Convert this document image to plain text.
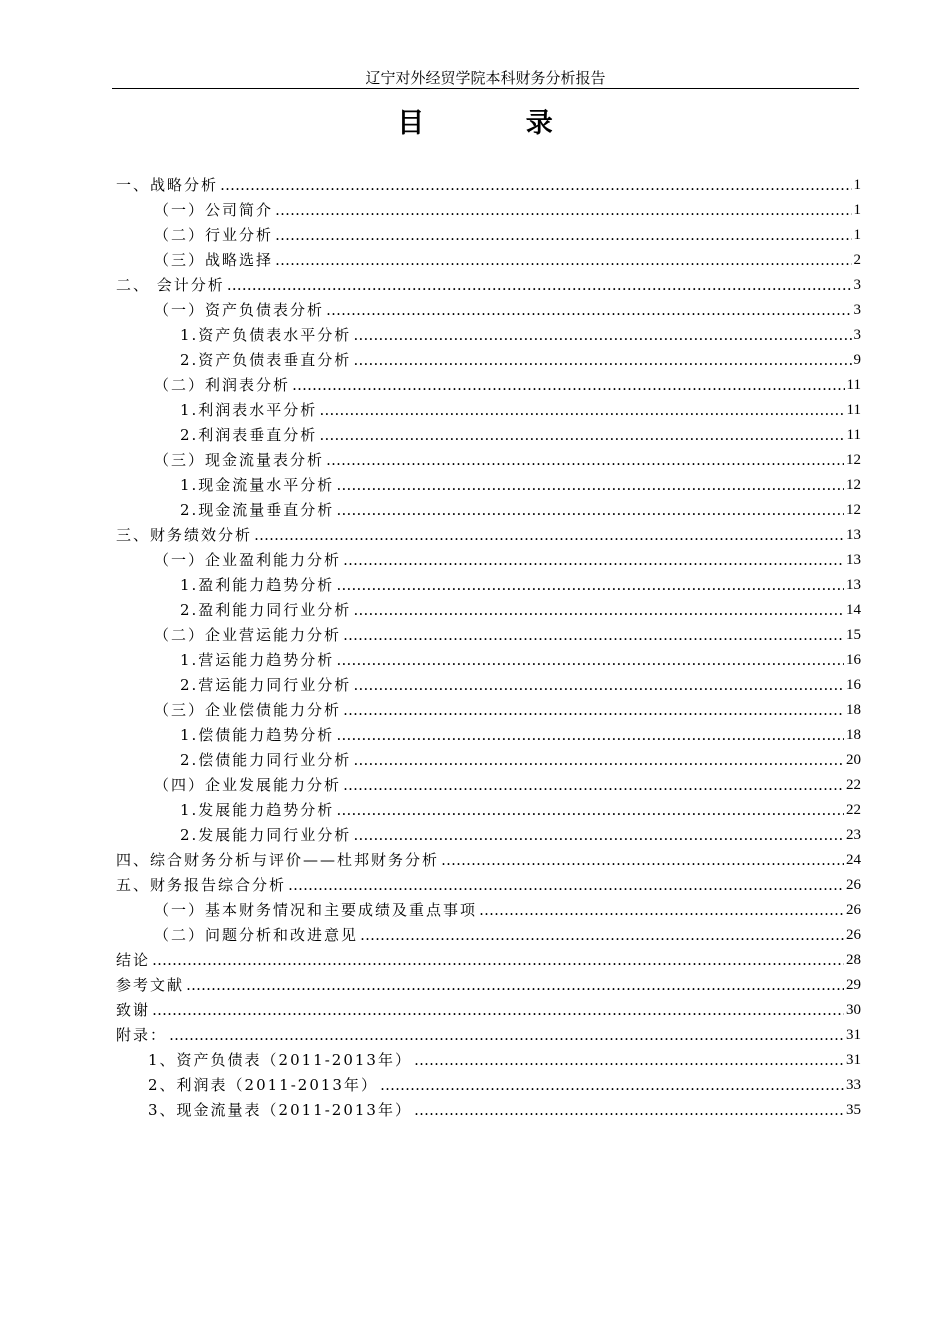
辽宁对外经贸学院本科财务分析报告
目 录
一、战略分析 ………………………………………………………………………………………………………………………………………………………………………………………………………………	1
（一）公司简介 ………………………………………………………………………………………………………………………………………………………………………………………………………………	1
（二）行业分析 ………………………………………………………………………………………………………………………………………………………………………………………………………………	1
（三）战略选择 ………………………………………………………………………………………………………………………………………………………………………………………………………………	2
二、 会计分析 ………………………………………………………………………………………………………………………………………………………………………………………………………………	3
（一）资产负债表分析 ………………………………………………………………………………………………………………………………………………………………………………………………………………	3
1.资产负债表水平分析 ………………………………………………………………………………………………………………………………………………………………………………………………………………	3
2.资产负债表垂直分析 ………………………………………………………………………………………………………………………………………………………………………………………………………………	9
（二）利润表分析 ………………………………………………………………………………………………………………………………………………………………………………………………………………	11
1.利润表水平分析 ………………………………………………………………………………………………………………………………………………………………………………………………………………	11
2.利润表垂直分析 ………………………………………………………………………………………………………………………………………………………………………………………………………………	11
（三）现金流量表分析 ………………………………………………………………………………………………………………………………………………………………………………………………………………	12
1.现金流量水平分析 ………………………………………………………………………………………………………………………………………………………………………………………………………………	12
2.现金流量垂直分析 ………………………………………………………………………………………………………………………………………………………………………………………………………………	12
三、财务绩效分析 ………………………………………………………………………………………………………………………………………………………………………………………………………………	13
（一）企业盈利能力分析 ………………………………………………………………………………………………………………………………………………………………………………………………………………	13
1.盈利能力趋势分析 ………………………………………………………………………………………………………………………………………………………………………………………………………………	13
2.盈利能力同行业分析 ………………………………………………………………………………………………………………………………………………………………………………………………………………	14
（二）企业营运能力分析 ………………………………………………………………………………………………………………………………………………………………………………………………………………	15
1.营运能力趋势分析 ………………………………………………………………………………………………………………………………………………………………………………………………………………	16
2.营运能力同行业分析 ………………………………………………………………………………………………………………………………………………………………………………………………………………	16
（三）企业偿债能力分析 ………………………………………………………………………………………………………………………………………………………………………………………………………………	18
1.偿债能力趋势分析 ………………………………………………………………………………………………………………………………………………………………………………………………………………	18
2.偿债能力同行业分析 ………………………………………………………………………………………………………………………………………………………………………………………………………………	20
（四）企业发展能力分析 ………………………………………………………………………………………………………………………………………………………………………………………………………………	22
1.发展能力趋势分析 ………………………………………………………………………………………………………………………………………………………………………………………………………………	22
2.发展能力同行业分析 ………………………………………………………………………………………………………………………………………………………………………………………………………………	23
四、综合财务分析与评价——杜邦财务分析 ………………………………………………………………………………………………………………………………………………………………………………………………………………	24
五、财务报告综合分析 ………………………………………………………………………………………………………………………………………………………………………………………………………………	26
（一）基本财务情况和主要成绩及重点事项 ………………………………………………………………………………………………………………………………………………………………………………………………………………	26
（二）问题分析和改进意见 ………………………………………………………………………………………………………………………………………………………………………………………………………………	26
结论 ………………………………………………………………………………………………………………………………………………………………………………………………………………	28
参考文献 ………………………………………………………………………………………………………………………………………………………………………………………………………………	29
致谢 ………………………………………………………………………………………………………………………………………………………………………………………………………………	30
附录： ………………………………………………………………………………………………………………………………………………………………………………………………………………	31
1、资产负债表（2011-2013年） ………………………………………………………………………………………………………………………………………………………………………………………………………………	31
2、利润表（2011-2013年） ………………………………………………………………………………………………………………………………………………………………………………………………………………	33
3、现金流量表（2011-2013年） ………………………………………………………………………………………………………………………………………………………………………………………………………………	35
